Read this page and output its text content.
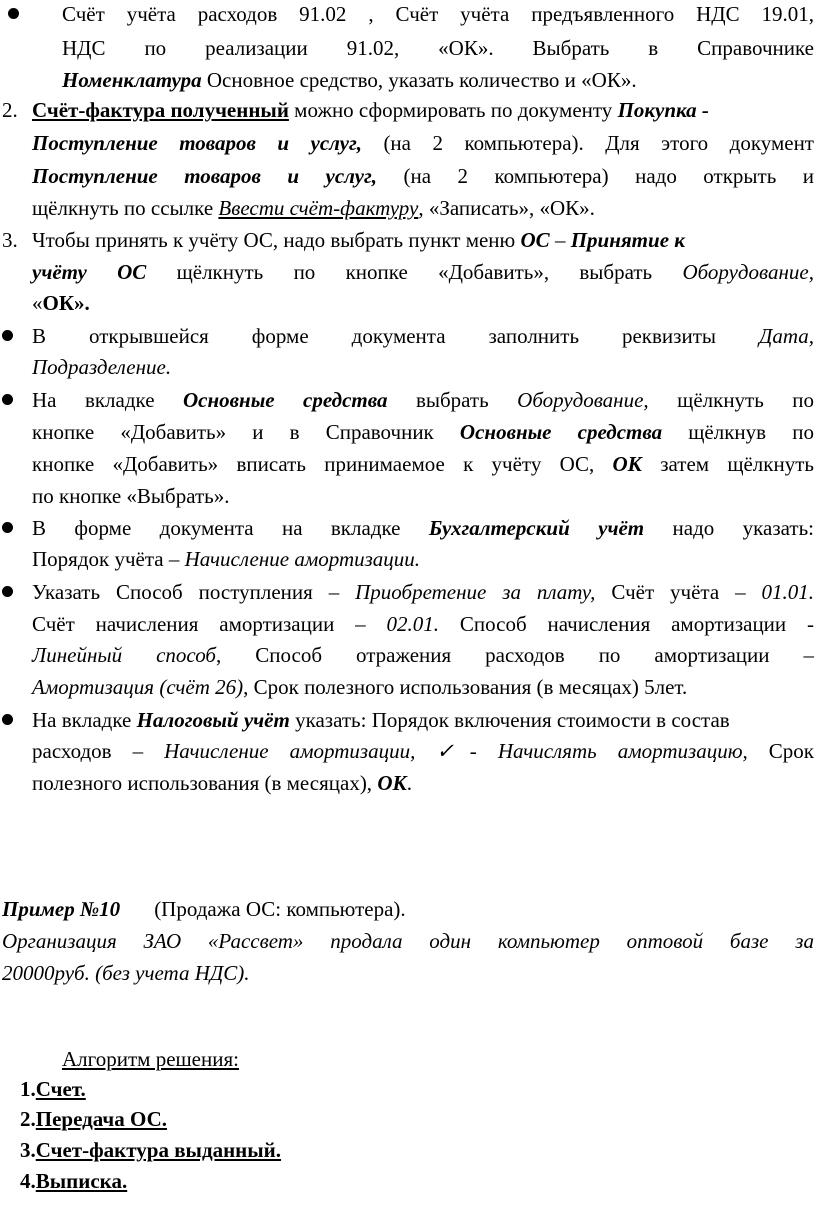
Счёт учёта расходов 91.02 , Счёт учёта предъявленного НДС 19.01,
НДС по реализации 91.02, «ОК». Выбрать в Справочнике
Номенклатура Основное средство, указать количество и «ОК».
2. Счёт-фактура полученный можно сформировать по документу Покупка -
Поступление товаров и услуг, (на 2 компьютера). Для этого документ
Поступление товаров и услуг, (на 2 компьютера) надо открыть и
щёлкнуть по ссылке Ввести счёт-фактуру, «Записать», «ОК».
3. Чтобы принять к учёту ОС, надо выбрать пункт меню ОС – Принятие к
учёту ОС щёлкнуть по кнопке «Добавить», выбрать Оборудование,
«ОК».
В открывшейся форме документа заполнить реквизиты Дата,
Подразделение.
На вкладке Основные средства выбрать Оборудование, щёлкнуть по
кнопке «Добавить» и в Справочник Основные средства щёлкнув по
кнопке «Добавить» вписать принимаемое к учёту ОС, ОК затем щёлкнуть
по кнопке «Выбрать».
В форме документа на вкладке Бухгалтерский учёт надо указать:
Порядок учёта – Начисление амортизации.
Указать Способ поступления – Приобретение за плату, Счёт учёта – 01.01.
Счёт начисления амортизации – 02.01. Способ начисления амортизации -
Линейный способ, Способ отражения расходов по амортизации –
Амортизация (счёт 26), Срок полезного использования (в месяцах) 5лет.
На вкладке Налоговый учёт указать: Порядок включения стоимости в состав
расходов – Начисление амортизации, ✓- Начислять амортизацию, Срок
полезного использования (в месяцах), ОК.
Пример №10 (Продажа ОС: компьютера).
Организация ЗАО «Рассвет» продала один компьютер оптовой базе за
20000руб. (без учета НДС).
Алгоритм решения:
1.Счет.
2.Передача ОС.
3.Счет-фактура выданный.
4.Выписка.
